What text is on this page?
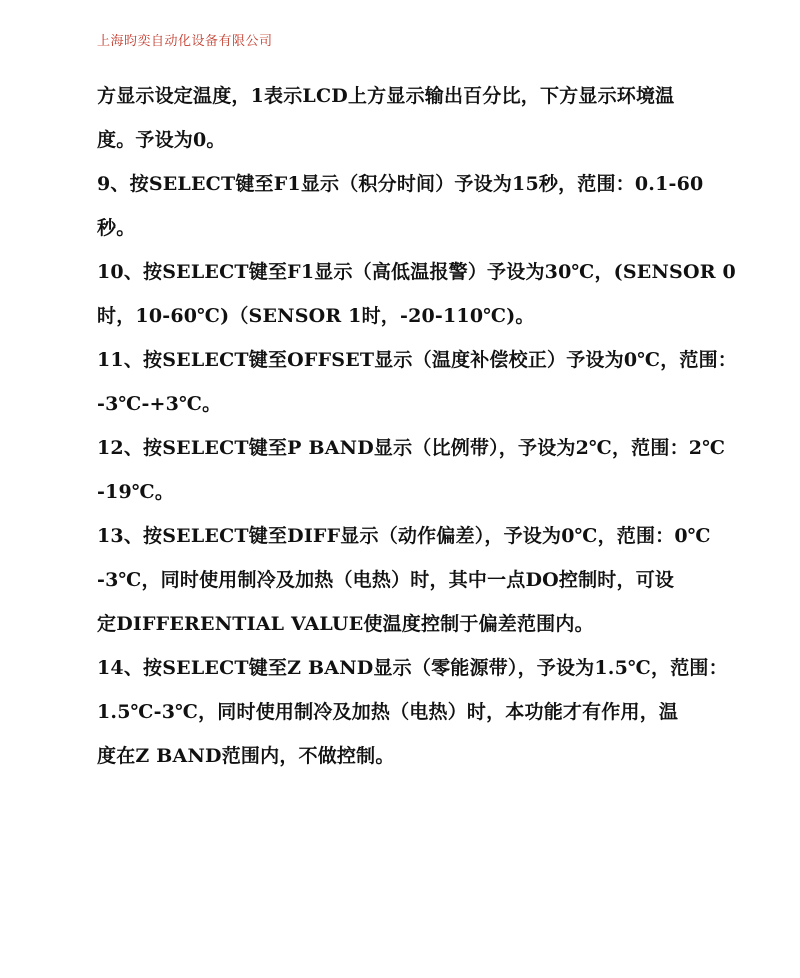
上海昀奕自动化设备有限公司
方显示设定温度，1表示LCD上方显示输出百分比，下方显示环境温
度。予设为0。
9、按SELECT键至F1显示（积分时间）予设为15秒，范围：0.1-60
秒。
10、按SELECT键至F1显示（高低温报警）予设为30℃，(SENSOR 0
时，10-60℃)（SENSOR 1时，-20-110℃)。
11、按SELECT键至OFFSET显示（温度补偿校正）予设为0℃，范围：
-3℃-+3℃。
12、按SELECT键至P BAND显示（比例带），予设为2℃，范围：2℃
-19℃。
13、按SELECT键至DIFF显示（动作偏差），予设为0℃，范围：0℃
-3℃，同时使用制冷及加热（电热）时，其中一点DO控制时，可设
定DIFFERENTIAL VALUE使温度控制于偏差范围内。
14、按SELECT键至Z BAND显示（零能源带），予设为1.5℃，范围：
1.5℃-3℃，同时使用制冷及加热（电热）时，本功能才有作用，温
度在Z BAND范围内，不做控制。
